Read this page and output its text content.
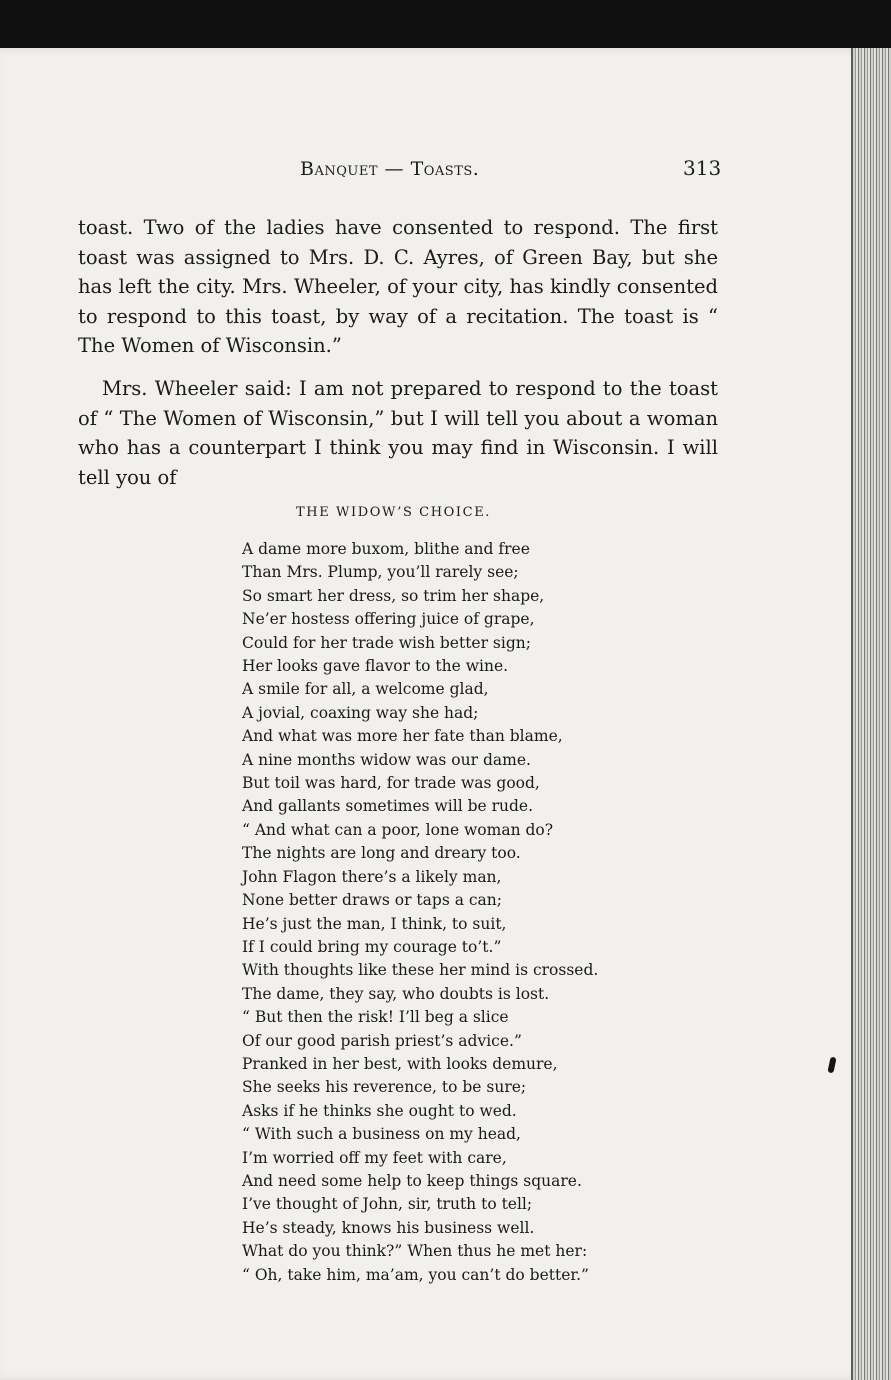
Banquet — Toasts.	313

toast. Two of the ladies have consented to respond. The first toast was assigned to Mrs. D. C. Ayres, of Green Bay, but she has left the city. Mrs. Wheeler, of your city, has kindly consented to respond to this toast, by way of a recitation. The toast is “ The Women of Wisconsin.”

Mrs. Wheeler said: I am not prepared to respond to the toast of “ The Women of Wisconsin,” but I will tell you about a woman who has a counterpart I think you may find in Wisconsin. I will tell you of

THE WIDOW’S CHOICE.
A dame more buxom, blithe and free
Than Mrs. Plump, you’ll rarely see;
So smart her dress, so trim her shape,
Ne’er hostess offering juice of grape,
Could for her trade wish better sign;
Her looks gave flavor to the wine.
A smile for all, a welcome glad,
A jovial, coaxing way she had;
And what was more her fate than blame,
A nine months widow was our dame.
But toil was hard, for trade was good,
And gallants sometimes will be rude.
“ And what can a poor, lone woman do?
The nights are long and dreary too.
John Flagon there’s a likely man,
None better draws or taps a can;
He’s just the man, I think, to suit,
If I could bring my courage to’t.”
With thoughts like these her mind is crossed.
The dame, they say, who doubts is lost.
“ But then the risk! I’ll beg a slice
Of our good parish priest’s advice.”
Pranked in her best, with looks demure,
She seeks his reverence, to be sure;
Asks if he thinks she ought to wed.
“ With such a business on my head,
I’m worried off my feet with care,
And need some help to keep things square.
I’ve thought of John, sir, truth to tell;
He’s steady, knows his business well.
What do you think?” When thus he met her:
“ Oh, take him, ma’am, you can’t do better.”
